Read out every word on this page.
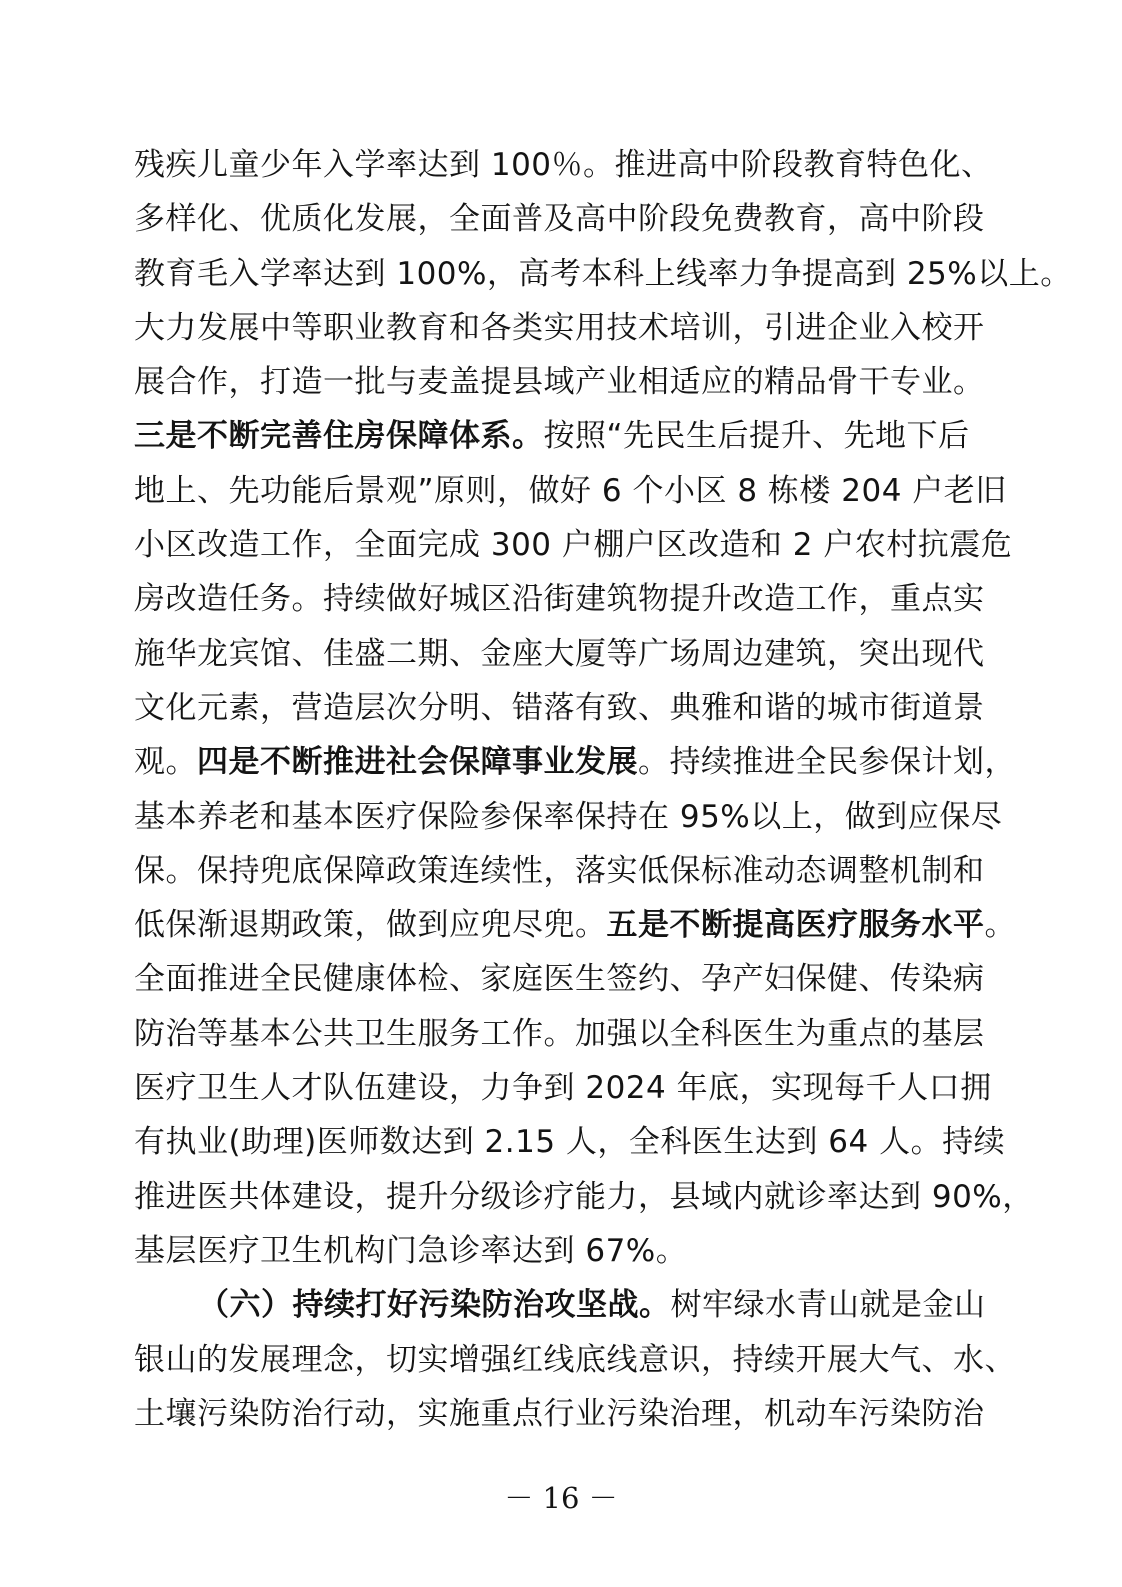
残疾儿童少年入学率达到 100％。推进高中阶段教育特色化、
多样化、优质化发展，全面普及高中阶段免费教育，高中阶段
教育毛入学率达到 100%，高考本科上线率力争提高到 25%以上。
大力发展中等职业教育和各类实用技术培训，引进企业入校开
展合作，打造一批与麦盖提县域产业相适应的精品骨干专业。
三是不断完善住房保障体系。按照“先民生后提升、先地下后
地上、先功能后景观”原则，做好 6 个小区 8 栋楼 204 户老旧
小区改造工作，全面完成 300 户棚户区改造和 2 户农村抗震危
房改造任务。持续做好城区沿街建筑物提升改造工作，重点实
施华龙宾馆、佳盛二期、金座大厦等广场周边建筑，突出现代
文化元素，营造层次分明、错落有致、典雅和谐的城市街道景
观。四是不断推进社会保障事业发展。持续推进全民参保计划，
基本养老和基本医疗保险参保率保持在 95%以上，做到应保尽
保。保持兜底保障政策连续性，落实低保标准动态调整机制和
低保渐退期政策，做到应兜尽兜。五是不断提高医疗服务水平。
全面推进全民健康体检、家庭医生签约、孕产妇保健、传染病
防治等基本公共卫生服务工作。加强以全科医生为重点的基层
医疗卫生人才队伍建设，力争到 2024 年底，实现每千人口拥
有执业(助理)医师数达到 2.15 人，全科医生达到 64 人。持续
推进医共体建设，提升分级诊疗能力，县域内就诊率达到 90%，
基层医疗卫生机构门急诊率达到 67%。
（六）持续打好污染防治攻坚战。树牢绿水青山就是金山
银山的发展理念，切实增强红线底线意识，持续开展大气、水、
土壤污染防治行动，实施重点行业污染治理，机动车污染防治
－ 16 －
